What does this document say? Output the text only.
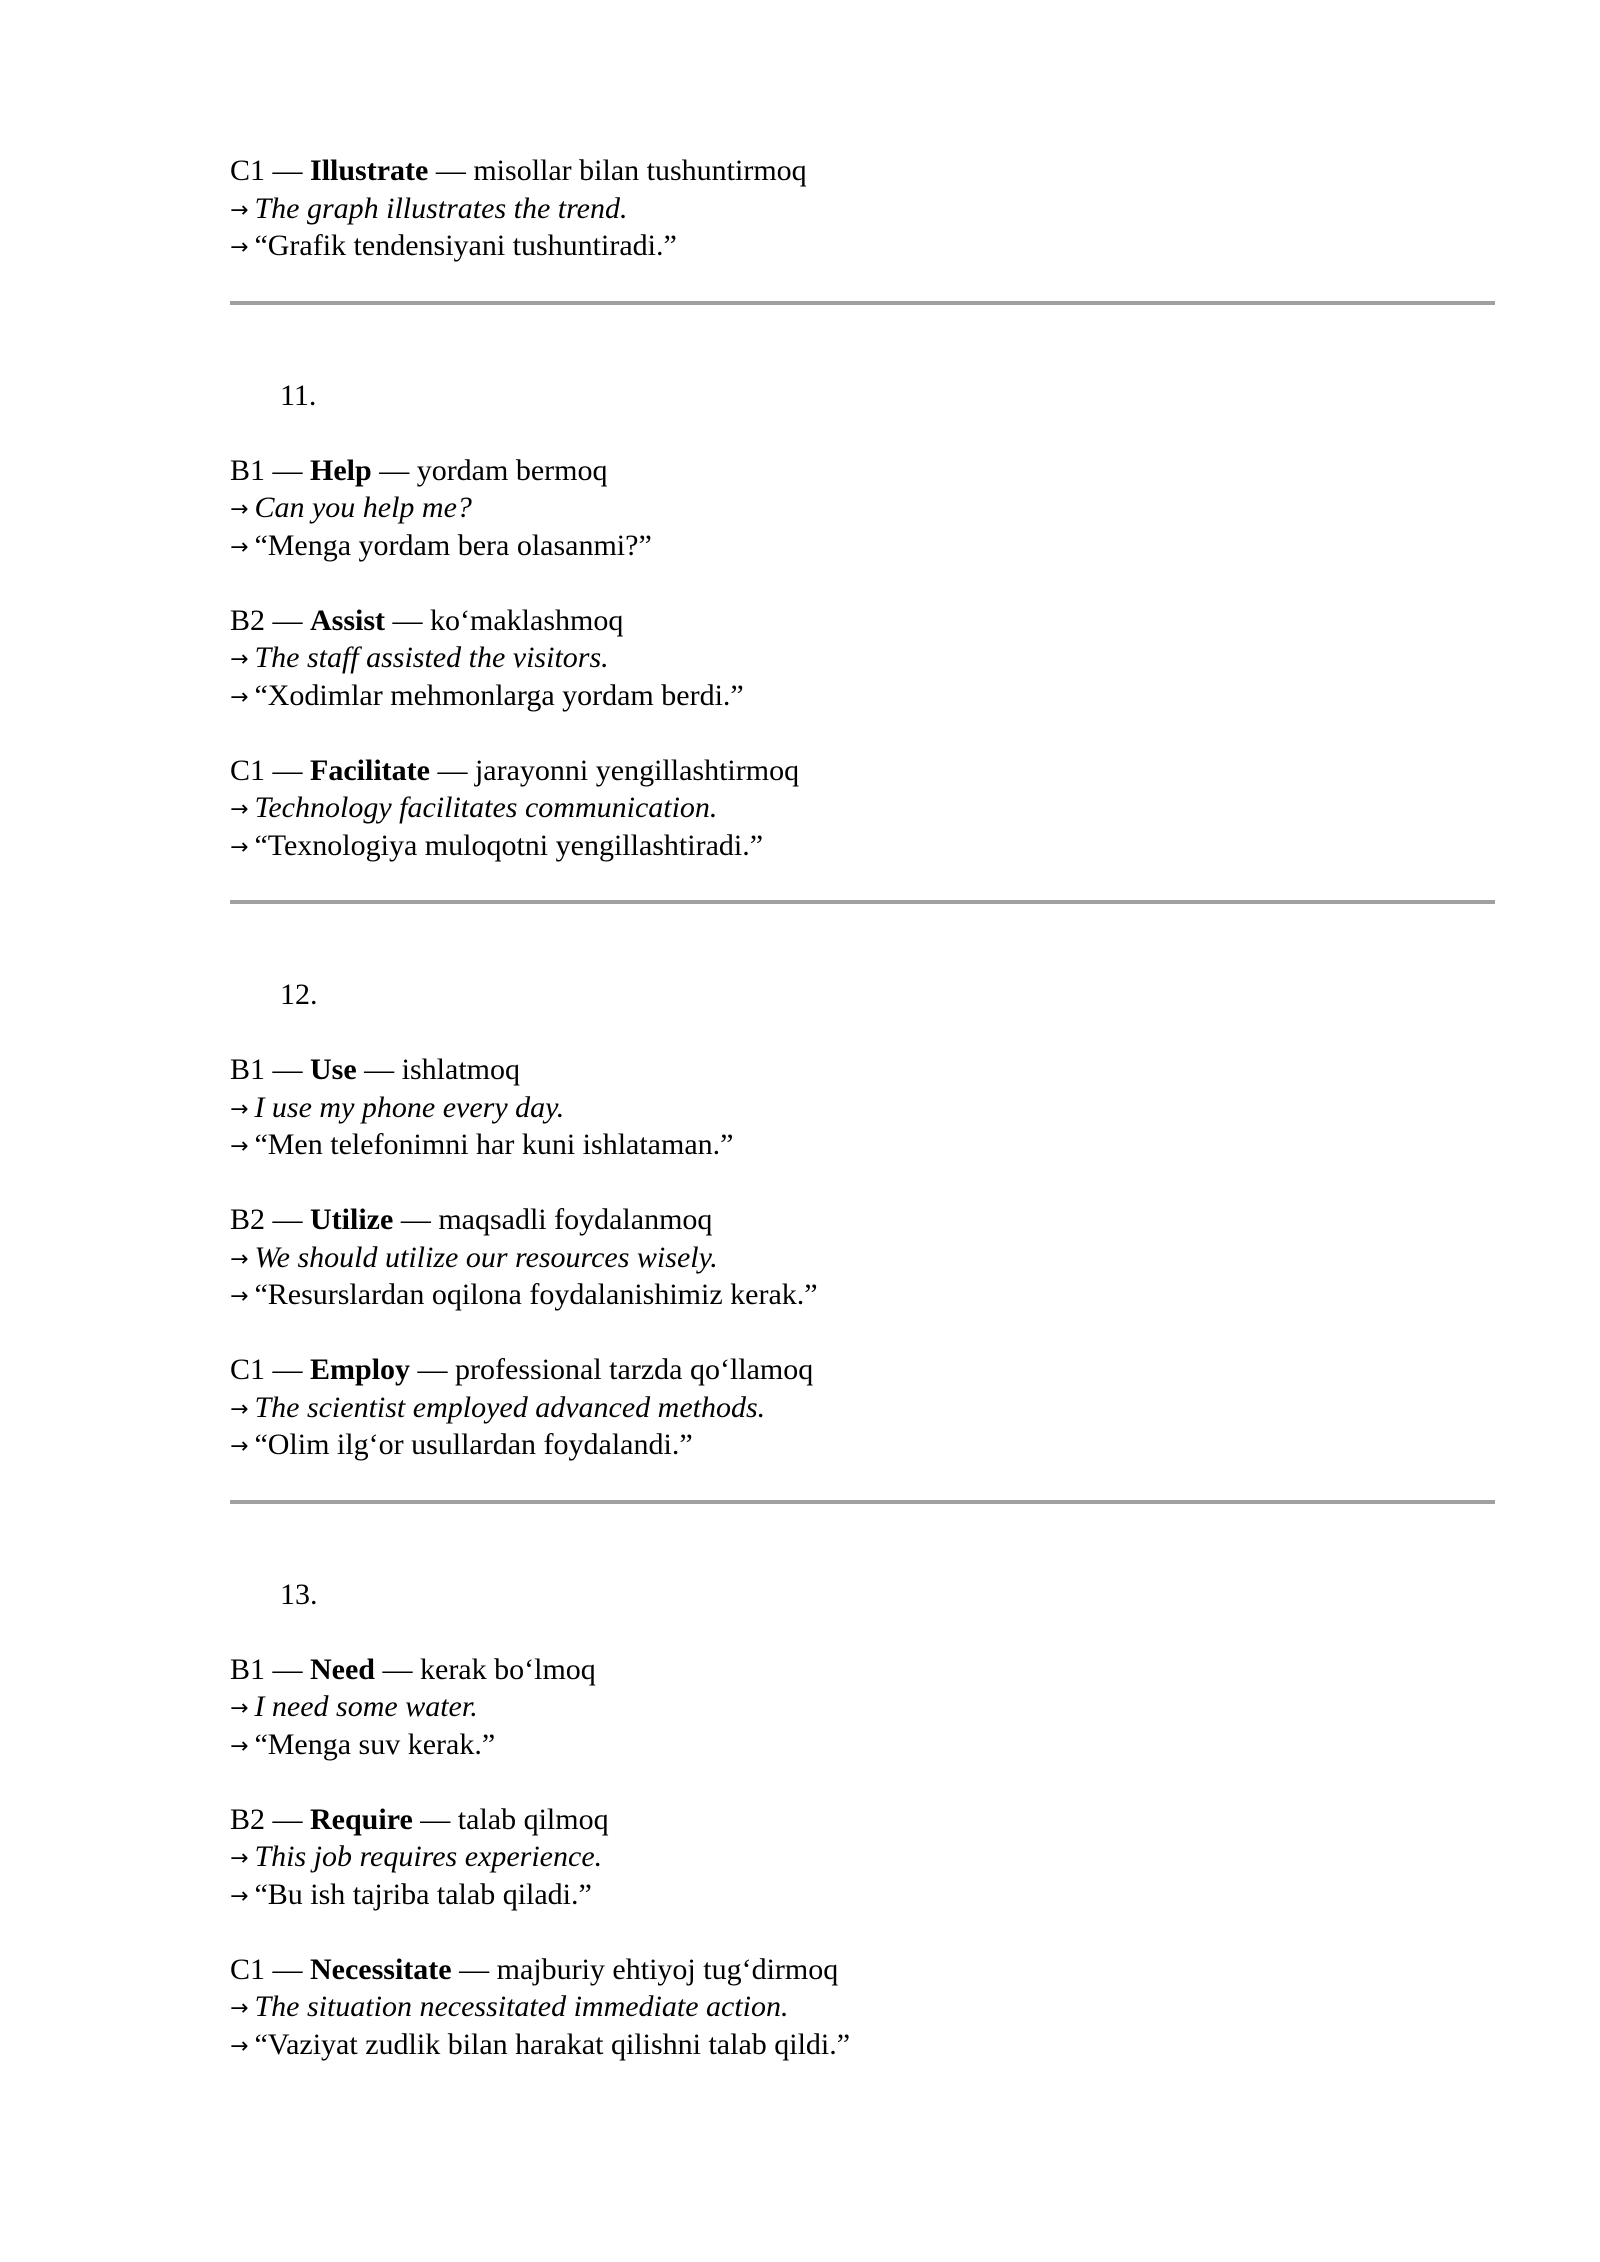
C1 — Illustrate — misollar bilan tushuntirmoq
→ The graph illustrates the trend.
→ “Grafik tendensiyani tushuntiradi.”
11.
B1 — Help — yordam bermoq
→ Can you help me?
→ “Menga yordam bera olasanmi?”
B2 — Assist — ko‘maklashmoq
→ The staff assisted the visitors.
→ “Xodimlar mehmonlarga yordam berdi.”
C1 — Facilitate — jarayonni yengillashtirmoq
→ Technology facilitates communication.
→ “Texnologiya muloqotni yengillashtiradi.”
12.
B1 — Use — ishlatmoq
→ I use my phone every day.
→ “Men telefonimni har kuni ishlataman.”
B2 — Utilize — maqsadli foydalanmoq
→ We should utilize our resources wisely.
→ “Resurslardan oqilona foydalanishimiz kerak.”
C1 — Employ — professional tarzda qo‘llamoq
→ The scientist employed advanced methods.
→ “Olim ilg‘or usullardan foydalandi.”
13.
B1 — Need — kerak bo‘lmoq
→ I need some water.
→ “Menga suv kerak.”
B2 — Require — talab qilmoq
→ This job requires experience.
→ “Bu ish tajriba talab qiladi.”
C1 — Necessitate — majburiy ehtiyoj tug‘dirmoq
→ The situation necessitated immediate action.
→ “Vaziyat zudlik bilan harakat qilishni talab qildi.”
